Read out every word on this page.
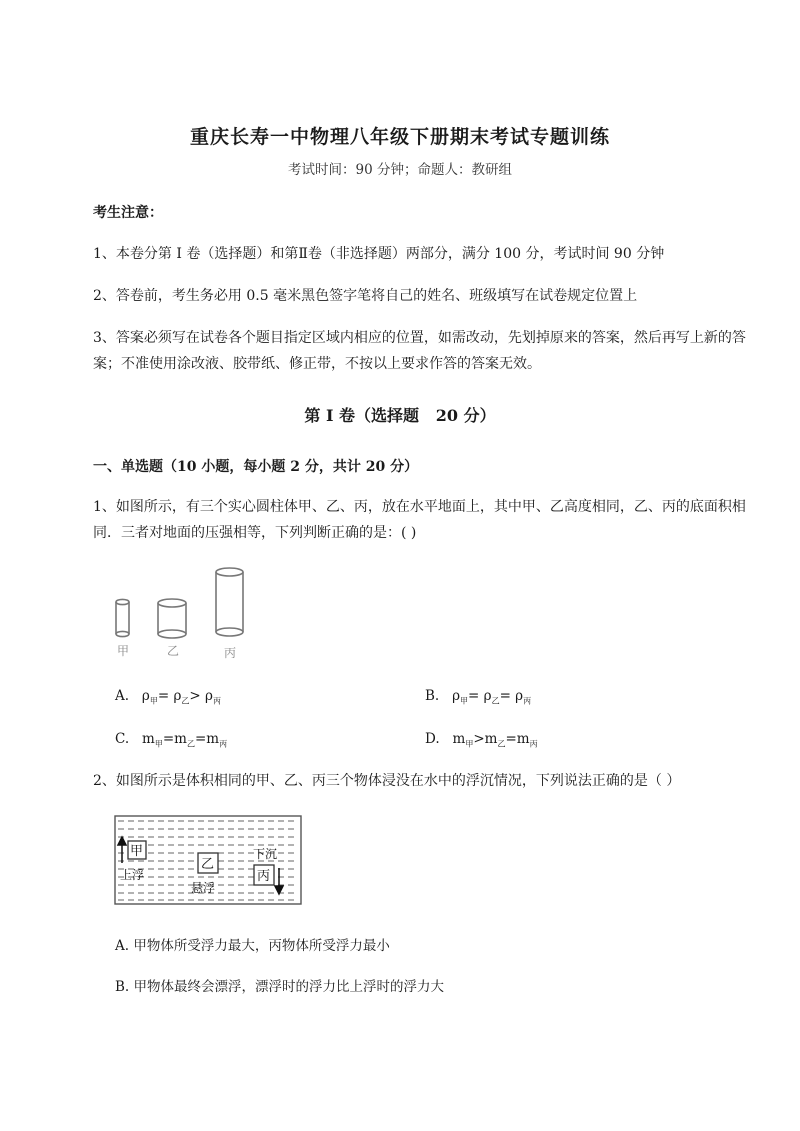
重庆长寿一中物理八年级下册期末考试专题训练
考试时间：90 分钟；命题人：教研组
考生注意：
1、本卷分第 I 卷（选择题）和第Ⅱ卷（非选择题）两部分，满分 100 分，考试时间 90 分钟
2、答卷前，考生务必用 0.5 毫米黑色签字笔将自己的姓名、班级填写在试卷规定位置上
3、答案必须写在试卷各个题目指定区域内相应的位置，如需改动，先划掉原来的答案，然后再写上新的答案；不准使用涂改液、胶带纸、修正带，不按以上要求作答的答案无效。
第 I 卷（选择题   20 分）
一、单选题（10 小题，每小题 2 分，共计 20 分）
1、如图所示，有三个实心圆柱体甲、乙、丙，放在水平地面上，其中甲、乙高度相同，乙、丙的底面积相同．三者对地面的压强相等，下列判断正确的是：( )
甲	乙	丙
A. $\rho_甲= \rho_乙> \rho_丙$	B. $\rho_甲= \rho_乙= \rho_丙$
C. $m_甲=m_乙=m_丙$	D. $m_甲>m_乙=m_丙$
2、如图所示是体积相同的甲、乙、丙三个物体浸没在水中的浮沉情况，下列说法正确的是（ ）
甲
乙
丙
上浮
悬浮
下沉
A. 甲物体所受浮力最大，丙物体所受浮力最小
B. 甲物体最终会漂浮，漂浮时的浮力比上浮时的浮力大
